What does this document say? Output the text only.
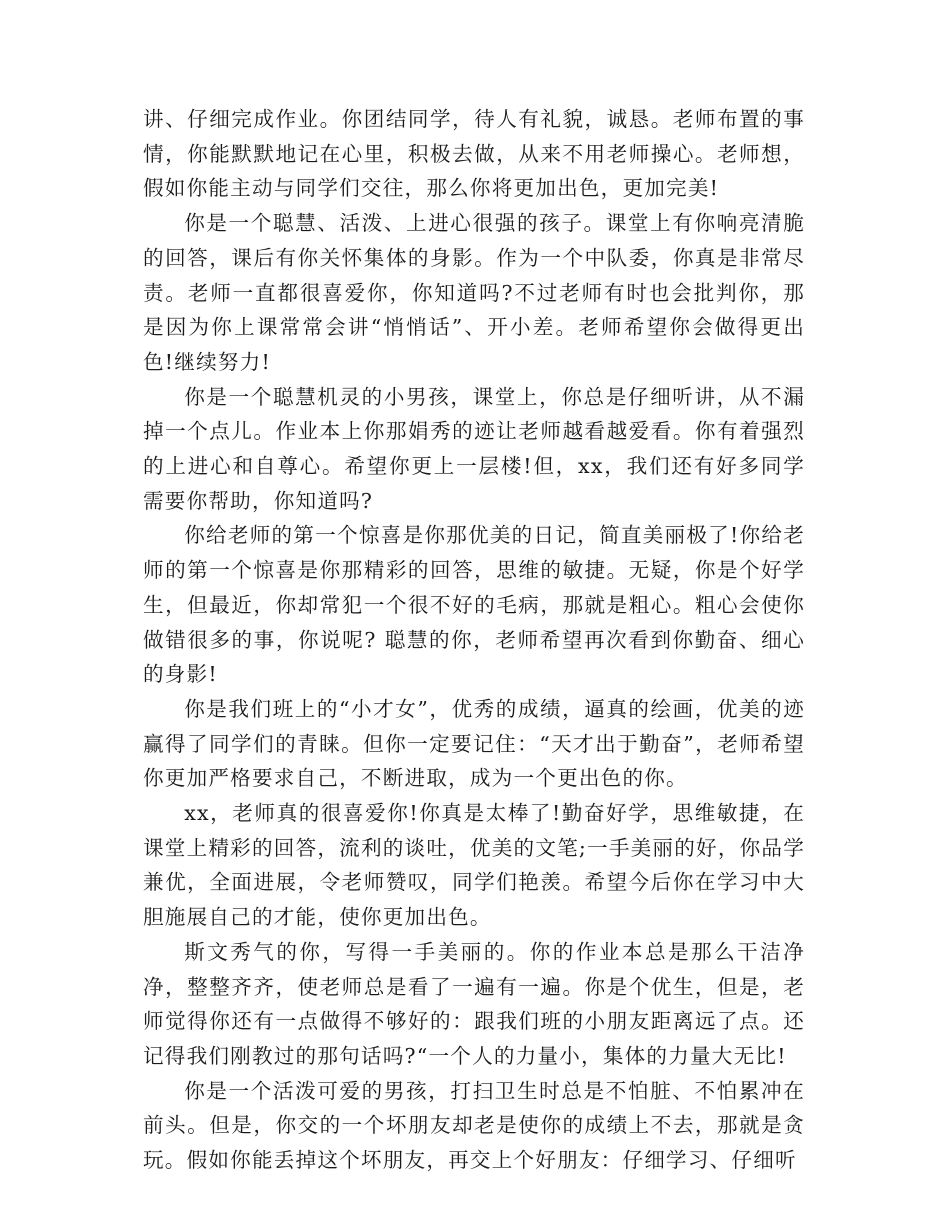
讲、仔细完成作业。你团结同学，待人有礼貌，诚恳。老师布置的事情，你能默默地记在心里，积极去做，从来不用老师操心。老师想，假如你能主动与同学们交往，那么你将更加出色，更加完美!

你是一个聪慧、活泼、上进心很强的孩子。课堂上有你响亮清脆的回答，课后有你关怀集体的身影。作为一个中队委，你真是非常尽责。老师一直都很喜爱你，你知道吗?不过老师有时也会批判你，那是因为你上课常常会讲“悄悄话”、开小差。老师希望你会做得更出色!继续努力!

你是一个聪慧机灵的小男孩，课堂上，你总是仔细听讲，从不漏掉一个点儿。作业本上你那娟秀的迹让老师越看越爱看。你有着强烈的上进心和自尊心。希望你更上一层楼!但，xx，我们还有好多同学需要你帮助，你知道吗?

你给老师的第一个惊喜是你那优美的日记，简直美丽极了!你给老师的第一个惊喜是你那精彩的回答，思维的敏捷。无疑，你是个好学生，但最近，你却常犯一个很不好的毛病，那就是粗心。粗心会使你做错很多的事，你说呢? 聪慧的你，老师希望再次看到你勤奋、细心的身影!

你是我们班上的“小才女”，优秀的成绩，逼真的绘画，优美的迹赢得了同学们的青睐。但你一定要记住：“天才出于勤奋”，老师希望你更加严格要求自己，不断进取，成为一个更出色的你。

xx，老师真的很喜爱你!你真是太棒了!勤奋好学，思维敏捷，在课堂上精彩的回答，流利的谈吐，优美的文笔;一手美丽的好，你品学兼优，全面进展，令老师赞叹，同学们艳羡。希望今后你在学习中大胆施展自己的才能，使你更加出色。

斯文秀气的你，写得一手美丽的。你的作业本总是那么干洁净净，整整齐齐，使老师总是看了一遍有一遍。你是个优生，但是，老师觉得你还有一点做得不够好的：跟我们班的小朋友距离远了点。还记得我们刚教过的那句话吗?“一个人的力量小，集体的力量大无比!

你是一个活泼可爱的男孩，打扫卫生时总是不怕脏、不怕累冲在前头。但是，你交的一个坏朋友却老是使你的成绩上不去，那就是贪玩。假如你能丢掉这个坏朋友，再交上个好朋友：仔细学习、仔细听
